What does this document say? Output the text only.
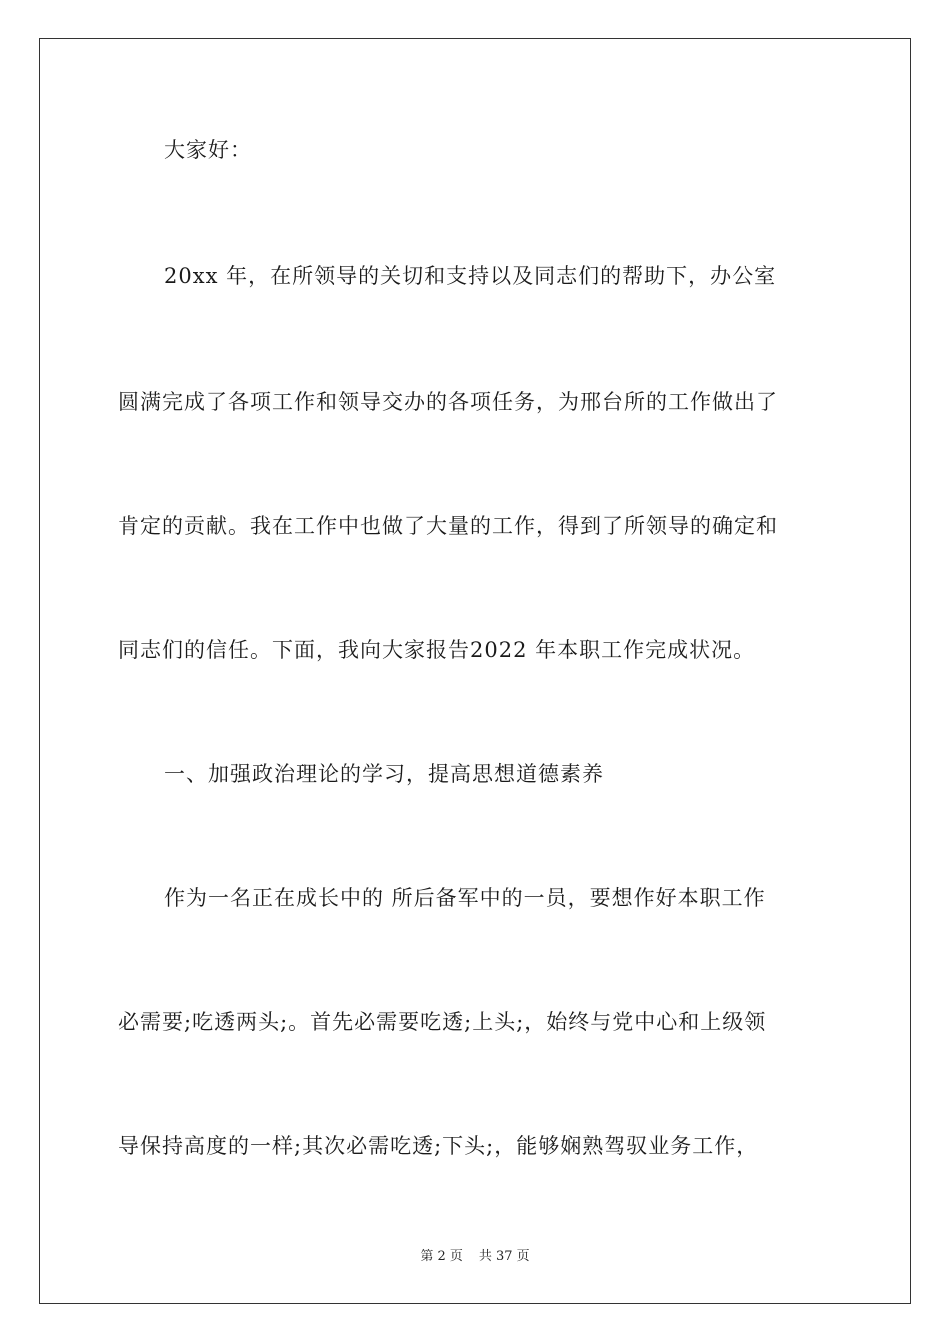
大家好：
20xx 年，在所领导的关切和支持以及同志们的帮助下，办公室
圆满完成了各项工作和领导交办的各项任务，为邢台所的工作做出了
肯定的贡献。我在工作中也做了大量的工作，得到了所领导的确定和
同志们的信任。下面，我向大家报告2022 年本职工作完成状况。
一、加强政治理论的学习，提高思想道德素养
作为一名正在成长中的 所后备军中的一员，要想作好本职工作
必需要;吃透两头;。首先必需要吃透;上头;，始终与党中心和上级领
导保持高度的一样;其次必需吃透;下头;，能够娴熟驾驭业务工作，
第 2 页 共 37 页
